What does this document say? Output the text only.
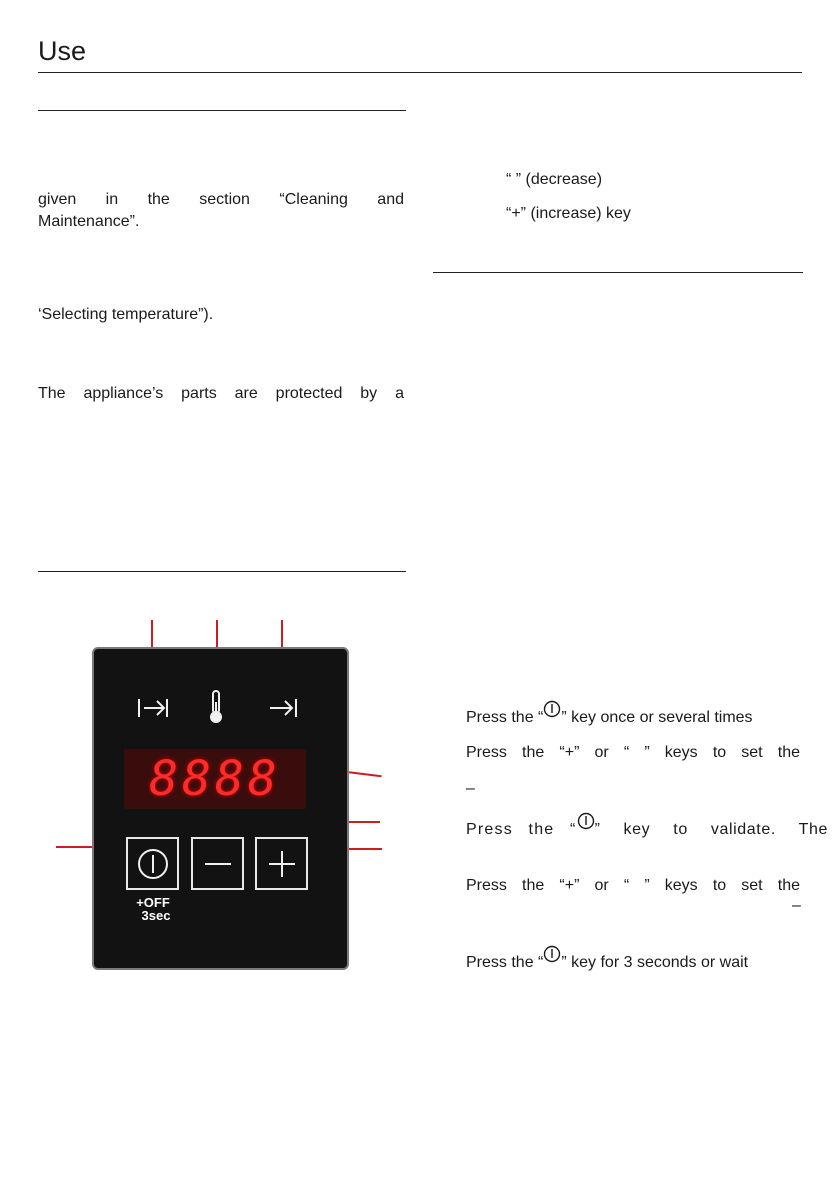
Use
given in the section “Cleaning and
Maintenance”.
‘Selecting temperature”).
The appliance’s parts are protected by a
“ ” (decrease)
“+” (increase) key
8888
+OFF
3sec
Press the “ ” key once or several times
Press the “+” or “ ” keys to set the
–
Press the “ ” key to validate. The
Press the “+” or “ ” keys to set the
–
Press the “ ” key for 3 seconds or wait
